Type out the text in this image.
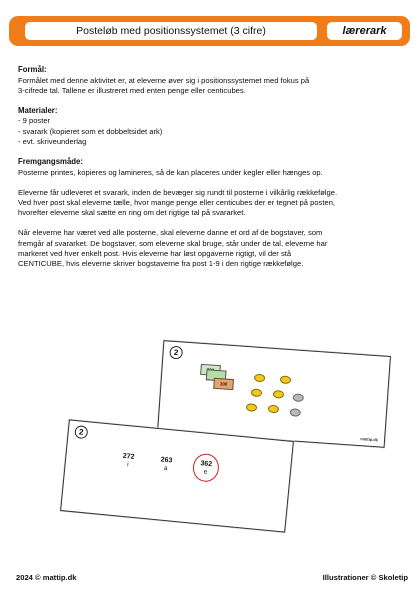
Posteløb med positionssystemet (3 cifre)	lærerark
Formål:

Formålet med denne aktivitet er, at eleverne øver sig i positionssystemet med fokus på

3-cifrede tal. Tallene er illustreret med enten penge eller centicubes.

Materialer:

- 9 poster

- svarark (kopieret som et dobbeltsidet ark)

- evt. skriveunderlag

Fremgangsmåde:

Posterne printes, kopieres og lamineres, så de kan placeres under kegler eller hænges op.

Eleverne får udleveret et svarark, inden de bevæger sig rundt til posterne i vilkårlig rækkefølge.

Ved hver post skal eleverne tælle, hvor mange penge eller centicubes der er tegnet på posten,

hvorefter eleverne skal sætte en ring om det rigtige tal på svararket.

Når eleverne har været ved alle posterne, skal eleverne danne et ord af de bogstaver, som

fremgår af svararket. De bogstaver, som eleverne skal bruge, står under de tal, eleverne har

markeret ved hver enkelt post. Hvis eleverne har løst opgaverne rigtigt, vil der stå

CENTICUBE, hvis eleverne skriver bogstaverne fra post 1-9 i den rigtige rækkefølge.

2
100
mattip.dk
2
272
i
263
a
362
e
2024 © mattip.dk	Illustrationer © Skoletip
